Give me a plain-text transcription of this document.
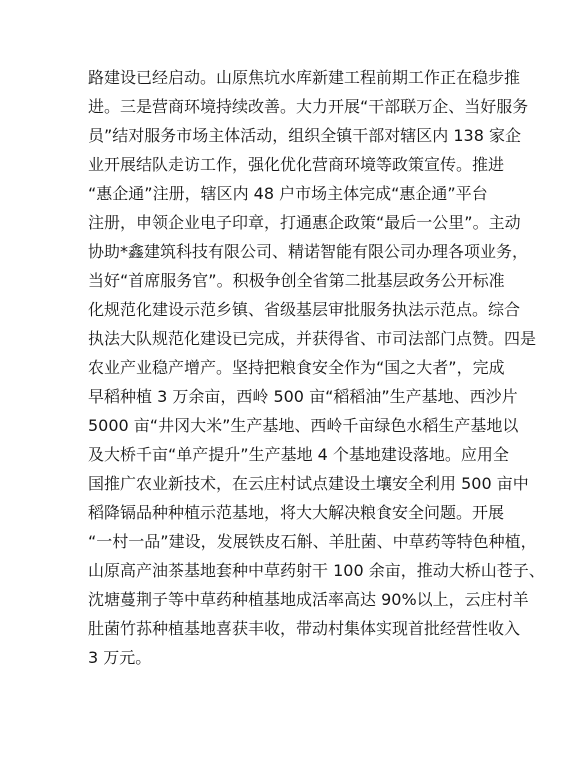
路建设已经启动。山原焦坑水库新建工程前期工作正在稳步推
进。三是营商环境持续改善。大力开展“干部联万企、当好服务
员”结对服务市场主体活动，组织全镇干部对辖区内 138 家企
业开展结队走访工作，强化优化营商环境等政策宣传。推进
“惠企通”注册，辖区内 48 户市场主体完成“惠企通”平台
注册，申领企业电子印章，打通惠企政策“最后一公里”。主动
协助*鑫建筑科技有限公司、精诺智能有限公司办理各项业务，
当好“首席服务官”。积极争创全省第二批基层政务公开标准
化规范化建设示范乡镇、省级基层审批服务执法示范点。综合
执法大队规范化建设已完成，并获得省、市司法部门点赞。四是
农业产业稳产增产。坚持把粮食安全作为“国之大者”，完成
早稻种植 3 万余亩，西岭 500 亩“稻稻油”生产基地、西沙片
5000 亩“井冈大米”生产基地、西岭千亩绿色水稻生产基地以
及大桥千亩“单产提升”生产基地 4 个基地建设落地。应用全
国推广农业新技术，在云庄村试点建设土壤安全利用 500 亩中
稻降镉品种种植示范基地，将大大解决粮食安全问题。开展
“一村一品”建设，发展铁皮石斛、羊肚菌、中草药等特色种植，
山原高产油茶基地套种中草药射干 100 余亩，推动大桥山苍子、
沈塘蔓荆子等中草药种植基地成活率高达 90%以上，云庄村羊
肚菌竹荪种植基地喜获丰收，带动村集体实现首批经营性收入
3 万元。
